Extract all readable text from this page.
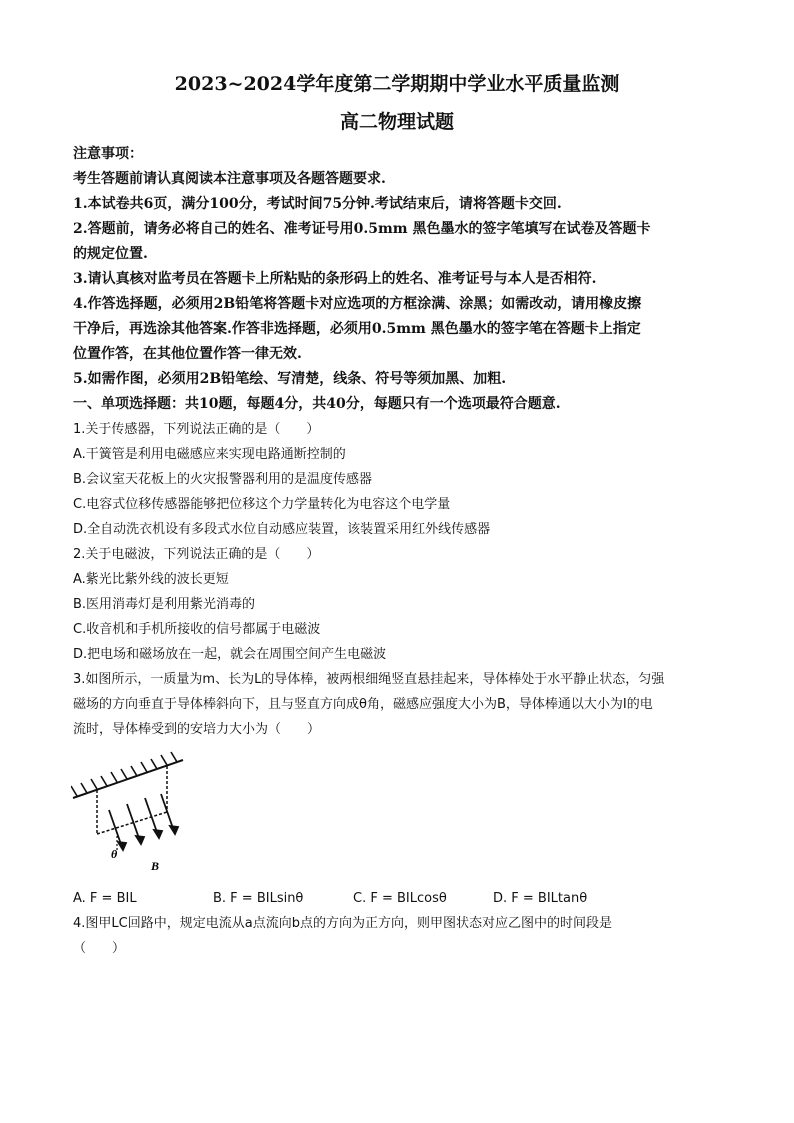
2023~2024学年度第二学期期中学业水平质量监测

高二物理试题

注意事项：

考生答题前请认真阅读本注意事项及各题答题要求.

1.本试卷共6页，满分100分，考试时间75分钟.考试结束后，请将答题卡交回.

2.答题前，请务必将自己的姓名、准考证号用0.5mm 黑色墨水的签字笔填写在试卷及答题卡

的规定位置.

3.请认真核对监考员在答题卡上所粘贴的条形码上的姓名、准考证号与本人是否相符.

4.作答选择题，必须用2B铅笔将答题卡对应选项的方框涂满、涂黑；如需改动，请用橡皮擦

干净后，再选涂其他答案.作答非选择题，必须用0.5mm 黑色墨水的签字笔在答题卡上指定

位置作答，在其他位置作答一律无效.

5.如需作图，必须用2B铅笔绘、写清楚，线条、符号等须加黑、加粗.

一、单项选择题：共10题，每题4分，共40分，每题只有一个选项最符合题意.

1.关于传感器，下列说法正确的是（　　）

A.干簧管是利用电磁感应来实现电路通断控制的

B.会议室天花板上的火灾报警器利用的是温度传感器

C.电容式位移传感器能够把位移这个力学量转化为电容这个电学量

D.全自动洗衣机设有多段式水位自动感应装置，该装置采用红外线传感器

2.关于电磁波，下列说法正确的是（　　）

A.紫光比紫外线的波长更短

B.医用消毒灯是利用紫光消毒的

C.收音机和手机所接收的信号都属于电磁波

D.把电场和磁场放在一起，就会在周围空间产生电磁波

3.如图所示，一质量为m、长为L的导体棒，被两根细绳竖直悬挂起来，导体棒处于水平静止状态，匀强

磁场的方向垂直于导体棒斜向下，且与竖直方向成θ角，磁感应强度大小为B，导体棒通以大小为I的电

流时，导体棒受到的安培力大小为（　　）

θ
B
A. F = BIL	B. F = BILsinθ	C. F = BILcosθ	D. F = BILtanθ

4.图甲LC回路中，规定电流从a点流向b点的方向为正方向，则甲图状态对应乙图中的时间段是

（　　）
